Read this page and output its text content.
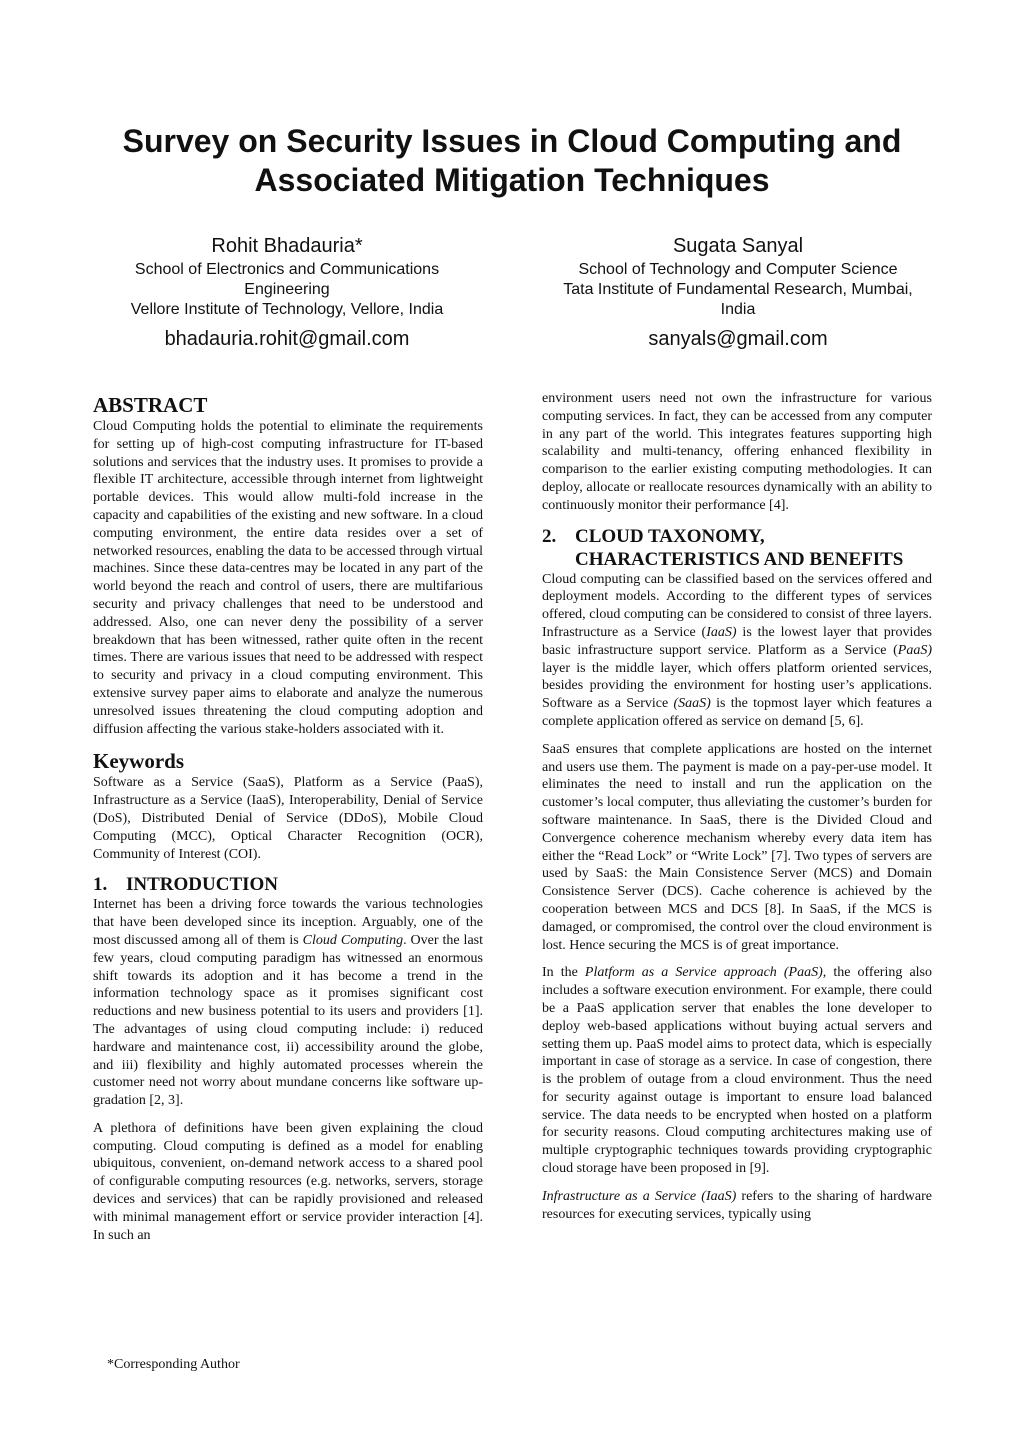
Survey on Security Issues in Cloud Computing and
Associated Mitigation Techniques
Rohit Bhadauria*
School of Electronics and Communications
Engineering
Vellore Institute of Technology, Vellore, India
bhadauria.rohit@gmail.com
Sugata Sanyal
School of Technology and Computer Science
Tata Institute of Fundamental Research, Mumbai,
India
sanyals@gmail.com
ABSTRACT

Cloud Computing holds the potential to eliminate the requirements for setting up of high-cost computing infrastructure for IT-based solutions and services that the industry uses. It promises to provide a flexible IT architecture, accessible through internet from lightweight portable devices. This would allow multi-fold increase in the capacity and capabilities of the existing and new software. In a cloud computing environment, the entire data resides over a set of networked resources, enabling the data to be accessed through virtual machines. Since these data-centres may be located in any part of the world beyond the reach and control of users, there are multifarious security and privacy challenges that need to be understood and addressed. Also, one can never deny the possibility of a server breakdown that has been witnessed, rather quite often in the recent times. There are various issues that need to be addressed with respect to security and privacy in a cloud computing environment. This extensive survey paper aims to elaborate and analyze the numerous unresolved issues threatening the cloud computing adoption and diffusion affecting the various stake-holders associated with it.

Keywords

Software as a Service (SaaS), Platform as a Service (PaaS), Infrastructure as a Service (IaaS), Interoperability, Denial of Service (DoS), Distributed Denial of Service (DDoS), Mobile Cloud Computing (MCC), Optical Character Recognition (OCR), Community of Interest (COI).

1. INTRODUCTION

Internet has been a driving force towards the various technologies that have been developed since its inception. Arguably, one of the most discussed among all of them is Cloud Computing. Over the last few years, cloud computing paradigm has witnessed an enormous shift towards its adoption and it has become a trend in the information technology space as it promises significant cost reductions and new business potential to its users and providers [1]. The advantages of using cloud computing include: i) reduced hardware and maintenance cost, ii) accessibility around the globe, and iii) flexibility and highly automated processes wherein the customer need not worry about mundane concerns like software up-gradation [2, 3].

A plethora of definitions have been given explaining the cloud computing. Cloud computing is defined as a model for enabling ubiquitous, convenient, on-demand network access to a shared pool of configurable computing resources (e.g. networks, servers, storage devices and services) that can be rapidly provisioned and released with minimal management effort or service provider interaction [4]. In such an

environment users need not own the infrastructure for various computing services. In fact, they can be accessed from any computer in any part of the world. This integrates features supporting high scalability and multi-tenancy, offering enhanced flexibility in comparison to the earlier existing computing methodologies. It can deploy, allocate or reallocate resources dynamically with an ability to continuously monitor their performance [4].

2. CLOUD TAXONOMY,
CHARACTERISTICS AND BENEFITS

Cloud computing can be classified based on the services offered and deployment models. According to the different types of services offered, cloud computing can be considered to consist of three layers. Infrastructure as a Service (IaaS) is the lowest layer that provides basic infrastructure support service. Platform as a Service (PaaS) layer is the middle layer, which offers platform oriented services, besides providing the environment for hosting user’s applications. Software as a Service (SaaS) is the topmost layer which features a complete application offered as service on demand [5, 6].

SaaS ensures that complete applications are hosted on the internet and users use them. The payment is made on a pay-per-use model. It eliminates the need to install and run the application on the customer’s local computer, thus alleviating the customer’s burden for software maintenance. In SaaS, there is the Divided Cloud and Convergence coherence mechanism whereby every data item has either the “Read Lock” or “Write Lock” [7]. Two types of servers are used by SaaS: the Main Consistence Server (MCS) and Domain Consistence Server (DCS). Cache coherence is achieved by the cooperation between MCS and DCS [8]. In SaaS, if the MCS is damaged, or compromised, the control over the cloud environment is lost. Hence securing the MCS is of great importance.

In the Platform as a Service approach (PaaS), the offering also includes a software execution environment. For example, there could be a PaaS application server that enables the lone developer to deploy web-based applications without buying actual servers and setting them up. PaaS model aims to protect data, which is especially important in case of storage as a service. In case of congestion, there is the problem of outage from a cloud environment. Thus the need for security against outage is important to ensure load balanced service. The data needs to be encrypted when hosted on a platform for security reasons. Cloud computing architectures making use of multiple cryptographic techniques towards providing cryptographic cloud storage have been proposed in [9].

Infrastructure as a Service (IaaS) refers to the sharing of hardware resources for executing services, typically using

*Corresponding Author
